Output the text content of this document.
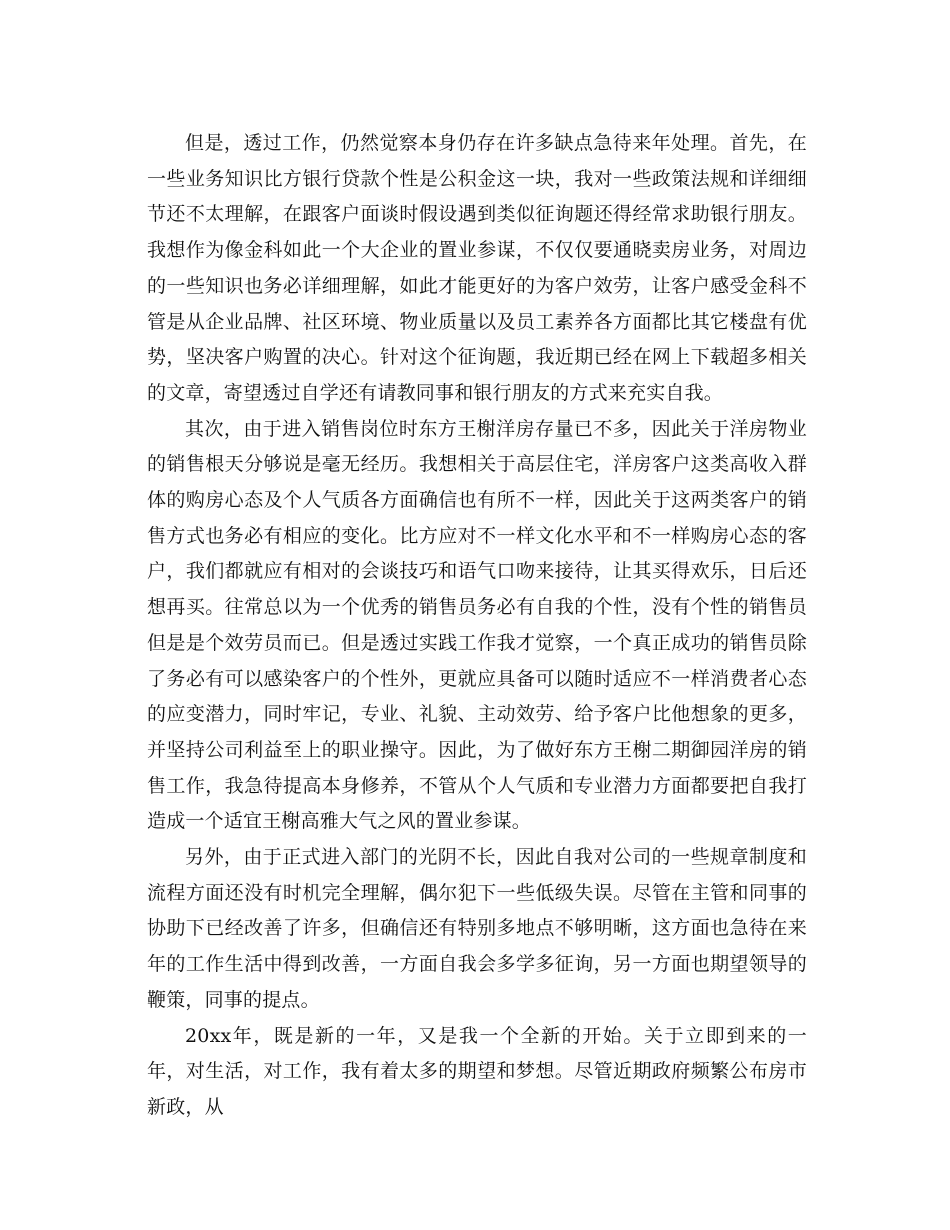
但是，透过工作，仍然觉察本身仍存在许多缺点急待来年处理。首先，在一些业务知识比方银行贷款个性是公积金这一块，我对一些政策法规和详细细节还不太理解，在跟客户面谈时假设遇到类似征询题还得经常求助银行朋友。我想作为像金科如此一个大企业的置业参谋，不仅仅要通晓卖房业务，对周边的一些知识也务必详细理解，如此才能更好的为客户效劳，让客户感受金科不管是从企业品牌、社区环境、物业质量以及员工素养各方面都比其它楼盘有优势，坚决客户购置的决心。针对这个征询题，我近期已经在网上下载超多相关的文章，寄望透过自学还有请教同事和银行朋友的方式来充实自我。

其次，由于进入销售岗位时东方王榭洋房存量已不多，因此关于洋房物业的销售根天分够说是毫无经历。我想相关于高层住宅，洋房客户这类高收入群体的购房心态及个人气质各方面确信也有所不一样，因此关于这两类客户的销售方式也务必有相应的变化。比方应对不一样文化水平和不一样购房心态的客户，我们都就应有相对的会谈技巧和语气口吻来接待，让其买得欢乐，日后还想再买。往常总以为一个优秀的销售员务必有自我的个性，没有个性的销售员但是是个效劳员而已。但是透过实践工作我才觉察，一个真正成功的销售员除了务必有可以感染客户的个性外，更就应具备可以随时适应不一样消费者心态的应变潜力，同时牢记，专业、礼貌、主动效劳、给予客户比他想象的更多，并坚持公司利益至上的职业操守。因此，为了做好东方王榭二期御园洋房的销售工作，我急待提高本身修养，不管从个人气质和专业潜力方面都要把自我打造成一个适宜王榭高雅大气之风的置业参谋。

另外，由于正式进入部门的光阴不长，因此自我对公司的一些规章制度和流程方面还没有时机完全理解，偶尔犯下一些低级失误。尽管在主管和同事的协助下已经改善了许多，但确信还有特别多地点不够明晰，这方面也急待在来年的工作生活中得到改善，一方面自我会多学多征询，另一方面也期望领导的鞭策，同事的提点。

20xx年，既是新的一年，又是我一个全新的开始。关于立即到来的一年，对生活，对工作，我有着太多的期望和梦想。尽管近期政府频繁公布房市新政，从
